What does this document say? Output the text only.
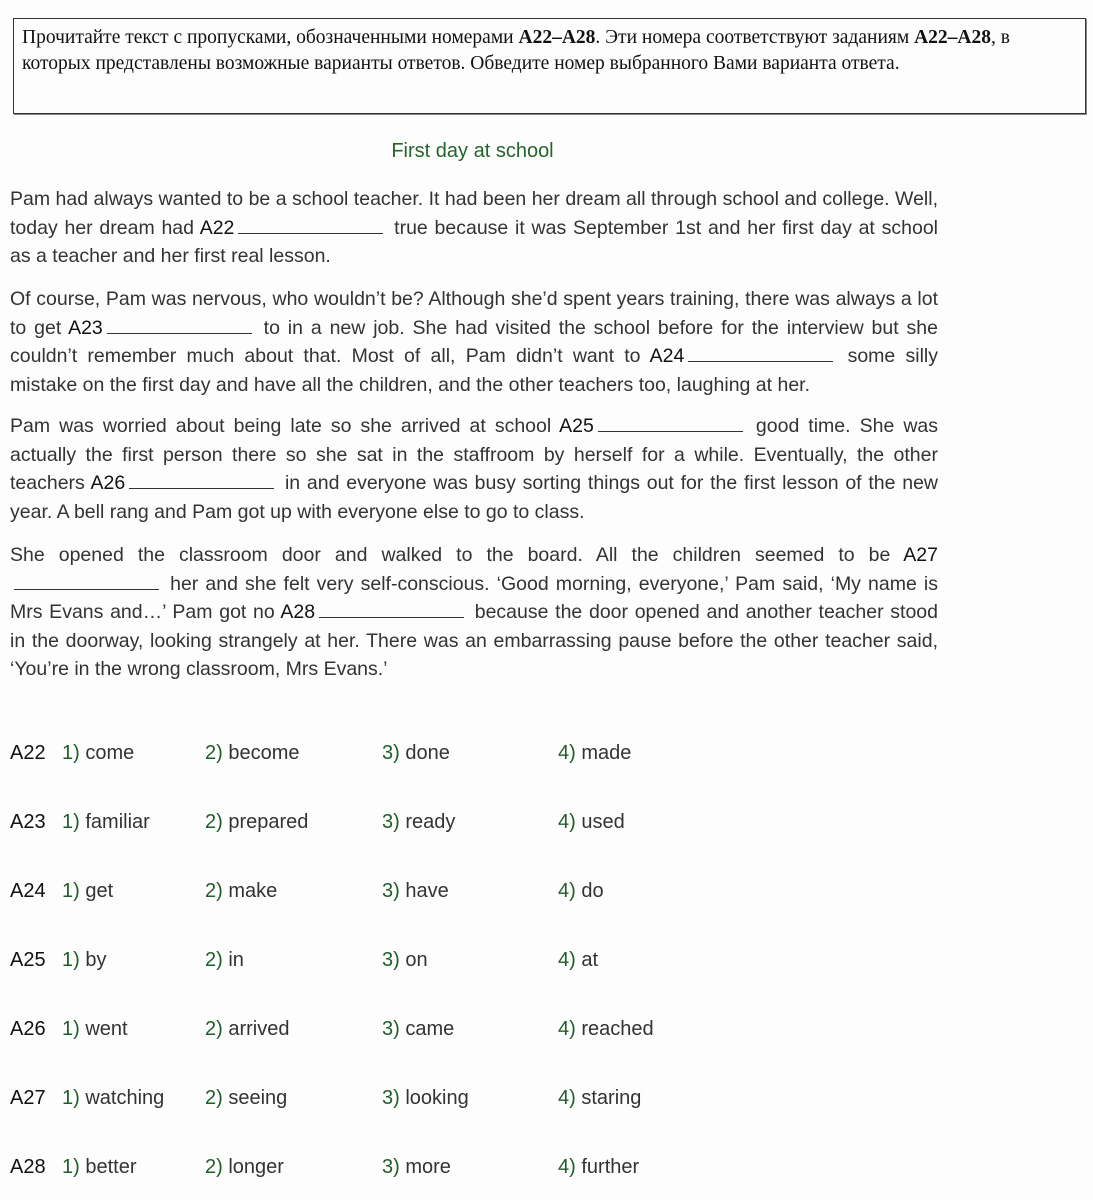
Прочитайте текст с пропусками, обозначенными номерами A22–A28. Эти номера соответствуют заданиям A22–A28, в которых представлены возможные варианты ответов. Обведите номер выбранного Вами варианта ответа.
First day at school
Pam had always wanted to be a school teacher. It had been her dream all through school and college. Well, today her dream had A22	true because it was September 1st and her first day at school as a teacher and her first real lesson.
Of course, Pam was nervous, who wouldn’t be? Although she’d spent years training, there was always a lot to get A23	to in a new job. She had visited the school before for the interview but she couldn’t remember much about that. Most of all, Pam didn’t want to A24	some silly mistake on the first day and have all the children, and the other teachers too, laughing at her.
Pam was worried about being late so she arrived at school A25	good time. She was actually the first person there so she sat in the staffroom by herself for a while. Eventually, the other teachers A26	in and everyone was busy sorting things out for the first lesson of the new year. A bell rang and Pam got up with everyone else to go to class.
She opened the classroom door and walked to the board. All the children seemed to be A27 her and she felt very self-conscious. ‘Good morning, everyone,’ Pam said, ‘My name is Mrs Evans and…’ Pam got no A28	because the door opened and another teacher stood in the doorway, looking strangely at her. There was an embarrassing pause before the other teacher said, ‘You’re in the wrong classroom, Mrs Evans.’
A22 1) come	2) become	3) done	4) made
A23 1) familiar	2) prepared	3) ready	4) used
A24 1) get	2) make	3) have	4) do
A25 1) by	2) in	3) on	4) at
A26 1) went	2) arrived	3) came	4) reached
A27 1) watching 2) seeing	3) looking	4) staring
A28 1) better	2) longer	3) more	4) further
